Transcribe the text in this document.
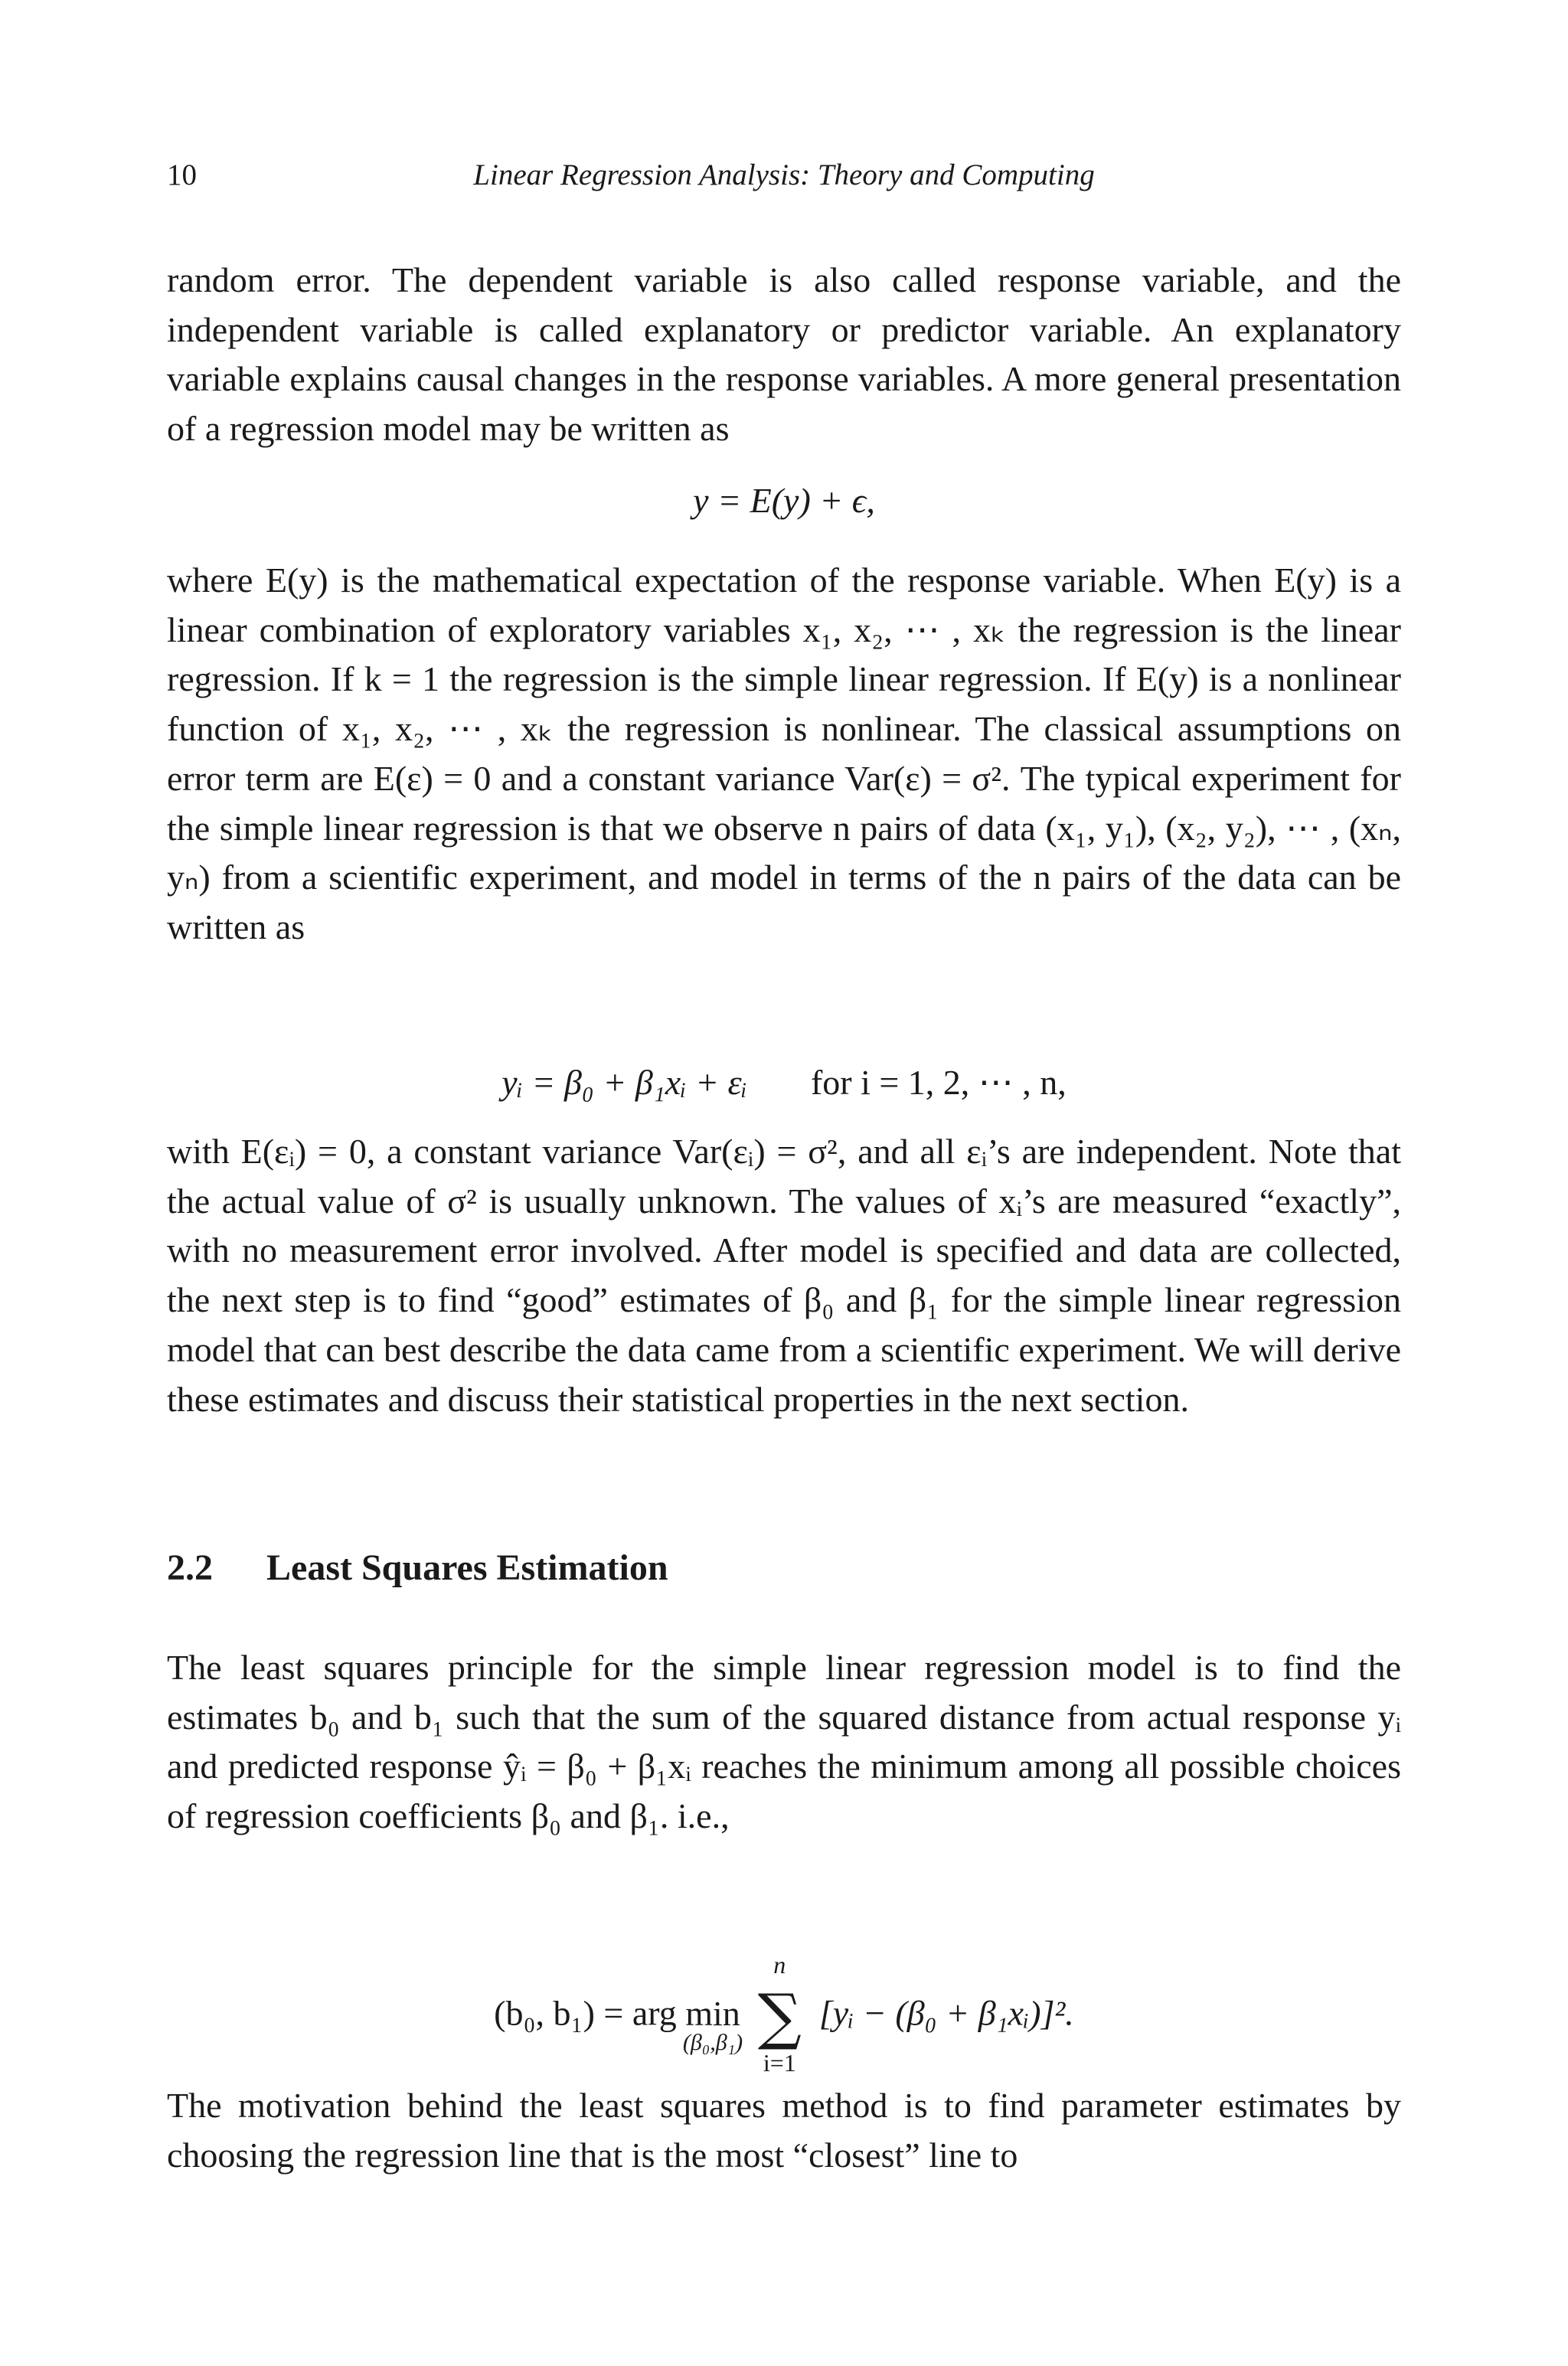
10	Linear Regression Analysis: Theory and Computing

random error. The dependent variable is also called response variable, and the independent variable is called explanatory or predictor variable. An explanatory variable explains causal changes in the response variables. A more general presentation of a regression model may be written as

y = E(y) + ϵ,

where E(y) is the mathematical expectation of the response variable. When E(y) is a linear combination of exploratory variables x₁, x₂, ⋯ , xₖ the regression is the linear regression. If k = 1 the regression is the simple linear regression. If E(y) is a nonlinear function of x₁, x₂, ⋯ , xₖ the regression is nonlinear. The classical assumptions on error term are E(ε) = 0 and a constant variance Var(ε) = σ². The typical experiment for the simple linear regression is that we observe n pairs of data (x₁, y₁), (x₂, y₂), ⋯ , (xₙ, yₙ) from a scientific experiment, and model in terms of the n pairs of the data can be written as

yᵢ = β₀ + β₁xᵢ + εᵢ for i = 1, 2, ⋯ , n,

with E(εᵢ) = 0, a constant variance Var(εᵢ) = σ², and all εᵢ’s are independent. Note that the actual value of σ² is usually unknown. The values of xᵢ’s are measured “exactly”, with no measurement error involved. After model is specified and data are collected, the next step is to find “good” estimates of β₀ and β₁ for the simple linear regression model that can best describe the data came from a scientific experiment. We will derive these estimates and discuss their statistical properties in the next section.

2.2 Least Squares Estimation

The least squares principle for the simple linear regression model is to find the estimates b₀ and b₁ such that the sum of the squared distance from actual response yᵢ and predicted response ŷᵢ = β₀ + β₁xᵢ reaches the minimum among all possible choices of regression coefficients β₀ and β₁. i.e.,

(b₀, b₁) = arg min
(β₀,β₁)

n
∑
i=1
[yᵢ − (β₀ + β₁xᵢ)]².

The motivation behind the least squares method is to find parameter estimates by choosing the regression line that is the most “closest” line to
